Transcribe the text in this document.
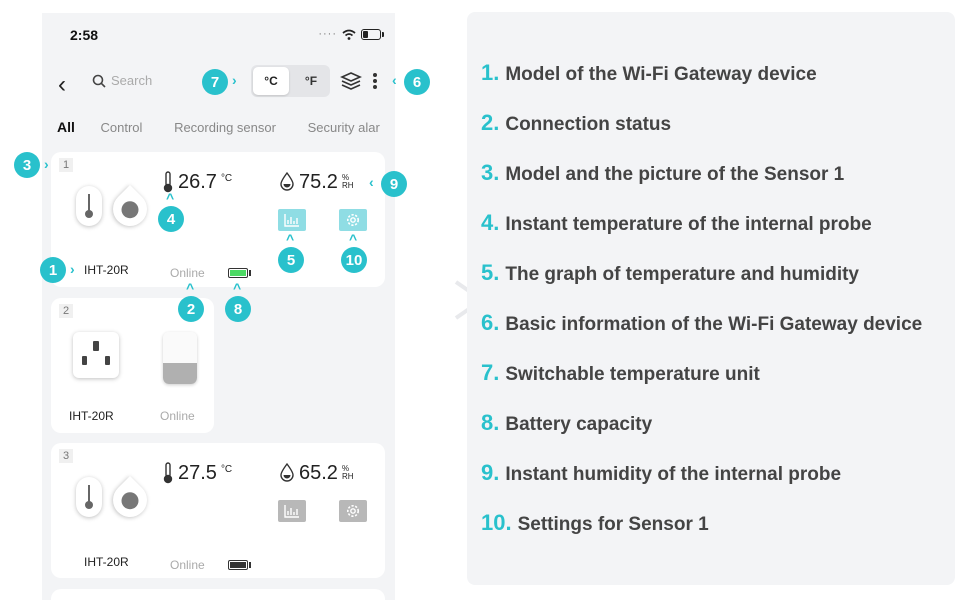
2:58	····
‹	Search	°C	°F
All Control Recording sensor Security alar
1
26.7 °C	75.2 %
RH
IHT-20R	Online
2
IHT-20R	Online
3
27.5 °C	65.2 %
RH
IHT-20R	Online
1 ›
2
^
3 ›
4
^
5
^
6
‹
7 ›
8
^
9
‹
10
^
1. Model of the Wi-Fi Gateway device
2. Connection status
3. Model and the picture of the Sensor 1
4. Instant temperature of the internal probe
5. The graph of temperature and humidity
6. Basic information of the Wi-Fi Gateway device
7. Switchable temperature unit
8. Battery capacity
9. Instant humidity of the internal probe
10. Settings for Sensor 1
